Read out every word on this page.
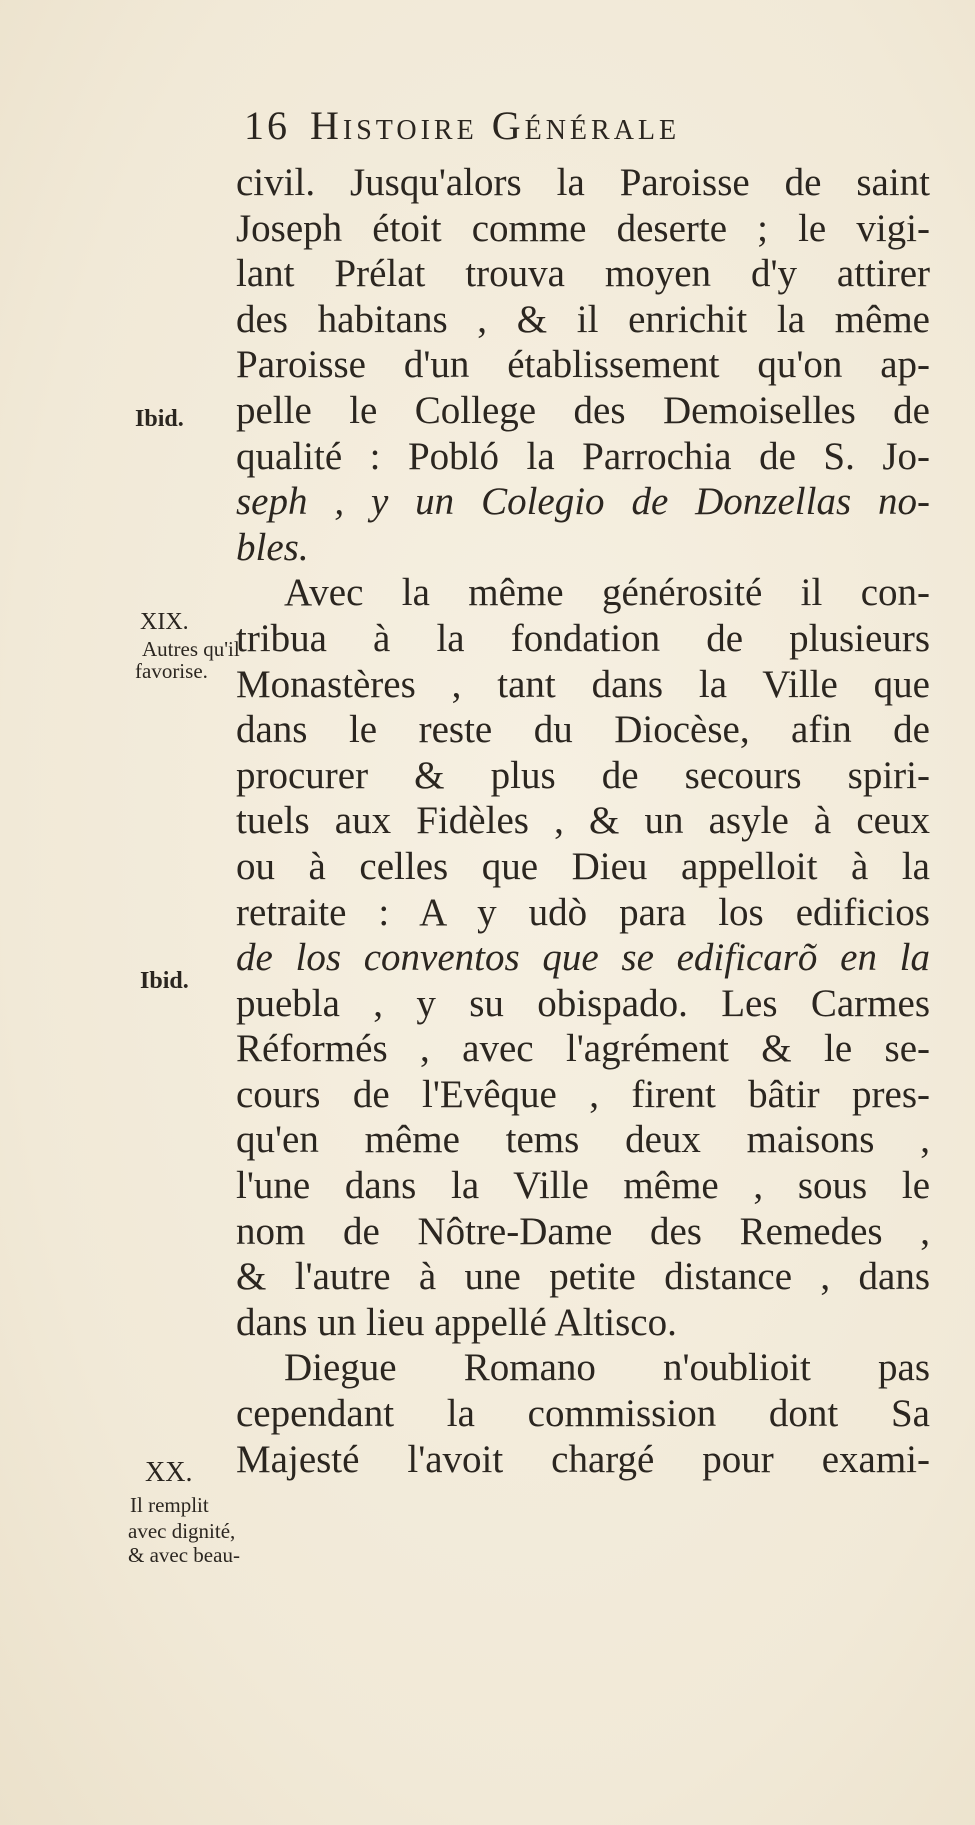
16 Histoire Générale
Ibid.
XIX.
Autres qu'il
favorise.
Ibid.
XX.
Il remplit
avec dignité,
& avec beau-
civil. Jusqu'alors la Paroisse de saint
Joseph étoit comme deserte ; le vigi-
lant Prélat trouva moyen d'y attirer
des habitans , & il enrichit la même
Paroisse d'un établissement qu'on ap-
pelle le College des Demoiselles de
qualité : Pobló la Parrochia de S. Jo-
seph , y un Colegio de Donzellas no-
bles.
Avec la même générosité il con-
tribua à la fondation de plusieurs
Monastères , tant dans la Ville que
dans le reste du Diocèse, afin de
procurer & plus de secours spiri-
tuels aux Fidèles , & un asyle à ceux
ou à celles que Dieu appelloit à la
retraite : A y udò para los edificios
de los conventos que se edificarõ en la
puebla , y su obispado. Les Carmes
Réformés , avec l'agrément & le se-
cours de l'Evêque , firent bâtir pres-
qu'en même tems deux maisons ,
l'une dans la Ville même , sous le
nom de Nôtre-Dame des Remedes ,
& l'autre à une petite distance , dans
dans un lieu appellé Altisco.
Diegue Romano n'oublioit pas
cependant la commission dont Sa
Majesté l'avoit chargé pour exami-
